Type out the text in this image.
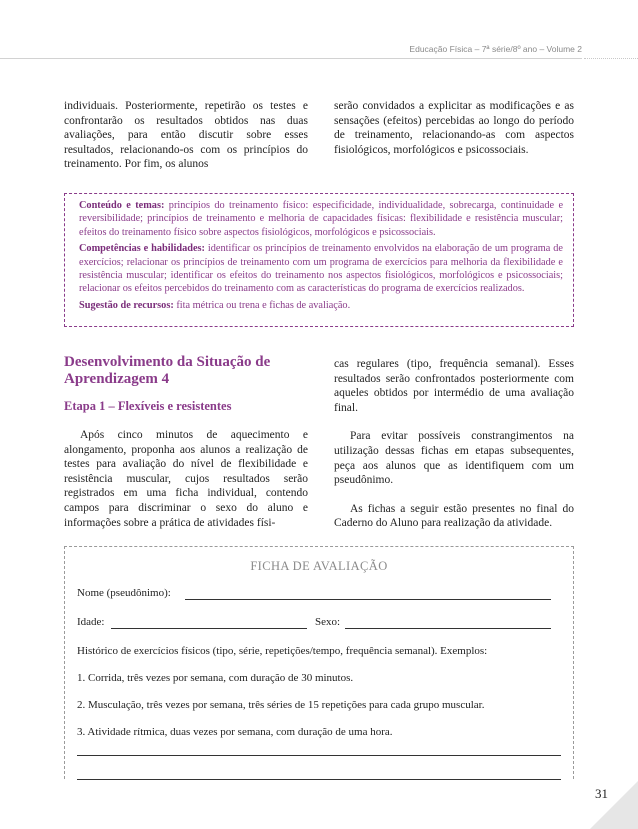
Educação Física – 7ª série/8º ano – Volume 2

individuais. Posteriormente, repetirão os testes e confrontarão os resultados obtidos nas duas avaliações, para então discutir sobre esses resultados, relacionando-os com os princípios do treinamento. Por fim, os alunos

serão convidados a explicitar as modificações e as sensações (efeitos) percebidas ao longo do período de treinamento, relacionando-as com aspectos fisiológicos, morfológicos e psicossociais.

Conteúdo e temas: princípios do treinamento físico: especificidade, individualidade, sobrecarga, continuidade e reversibilidade; princípios de treinamento e melhoria de capacidades físicas: flexibilidade e resistência muscular; efeitos do treinamento físico sobre aspectos fisiológicos, morfológicos e psicossociais.

Competências e habilidades: identificar os princípios de treinamento envolvidos na elaboração de um programa de exercícios; relacionar os princípios de treinamento com um programa de exercícios para melhoria da flexibilidade e resistência muscular; identificar os efeitos do treinamento nos aspectos fisiológicos, morfológicos e psicossociais; relacionar os efeitos percebidos do treinamento com as características do programa de exercícios realizados.

Sugestão de recursos: fita métrica ou trena e fichas de avaliação.

Desenvolvimento da Situação de Aprendizagem 4
Etapa 1 – Flexíveis e resistentes

Após cinco minutos de aquecimento e alongamento, proponha aos alunos a realização de testes para avaliação do nível de flexibilidade e resistência muscular, cujos resultados serão registrados em uma ficha individual, contendo campos para discriminar o sexo do aluno e informações sobre a prática de atividades físi-

cas regulares (tipo, frequência semanal). Esses resultados serão confrontados posteriormente com aqueles obtidos por intermédio de uma avaliação final.

Para evitar possíveis constrangimentos na utilização dessas fichas em etapas subsequentes, peça aos alunos que as identifiquem com um pseudônimo.

As fichas a seguir estão presentes no final do Caderno do Aluno para realização da atividade.

FICHA DE AVALIAÇÃO
Nome (pseudônimo):
Idade:	Sexo:
Histórico de exercícios físicos (tipo, série, repetições/tempo, frequência semanal). Exemplos:
1. Corrida, três vezes por semana, com duração de 30 minutos.
2. Musculação, três vezes por semana, três séries de 15 repetições para cada grupo muscular.
3. Atividade rítmica, duas vezes por semana, com duração de uma hora.
31
